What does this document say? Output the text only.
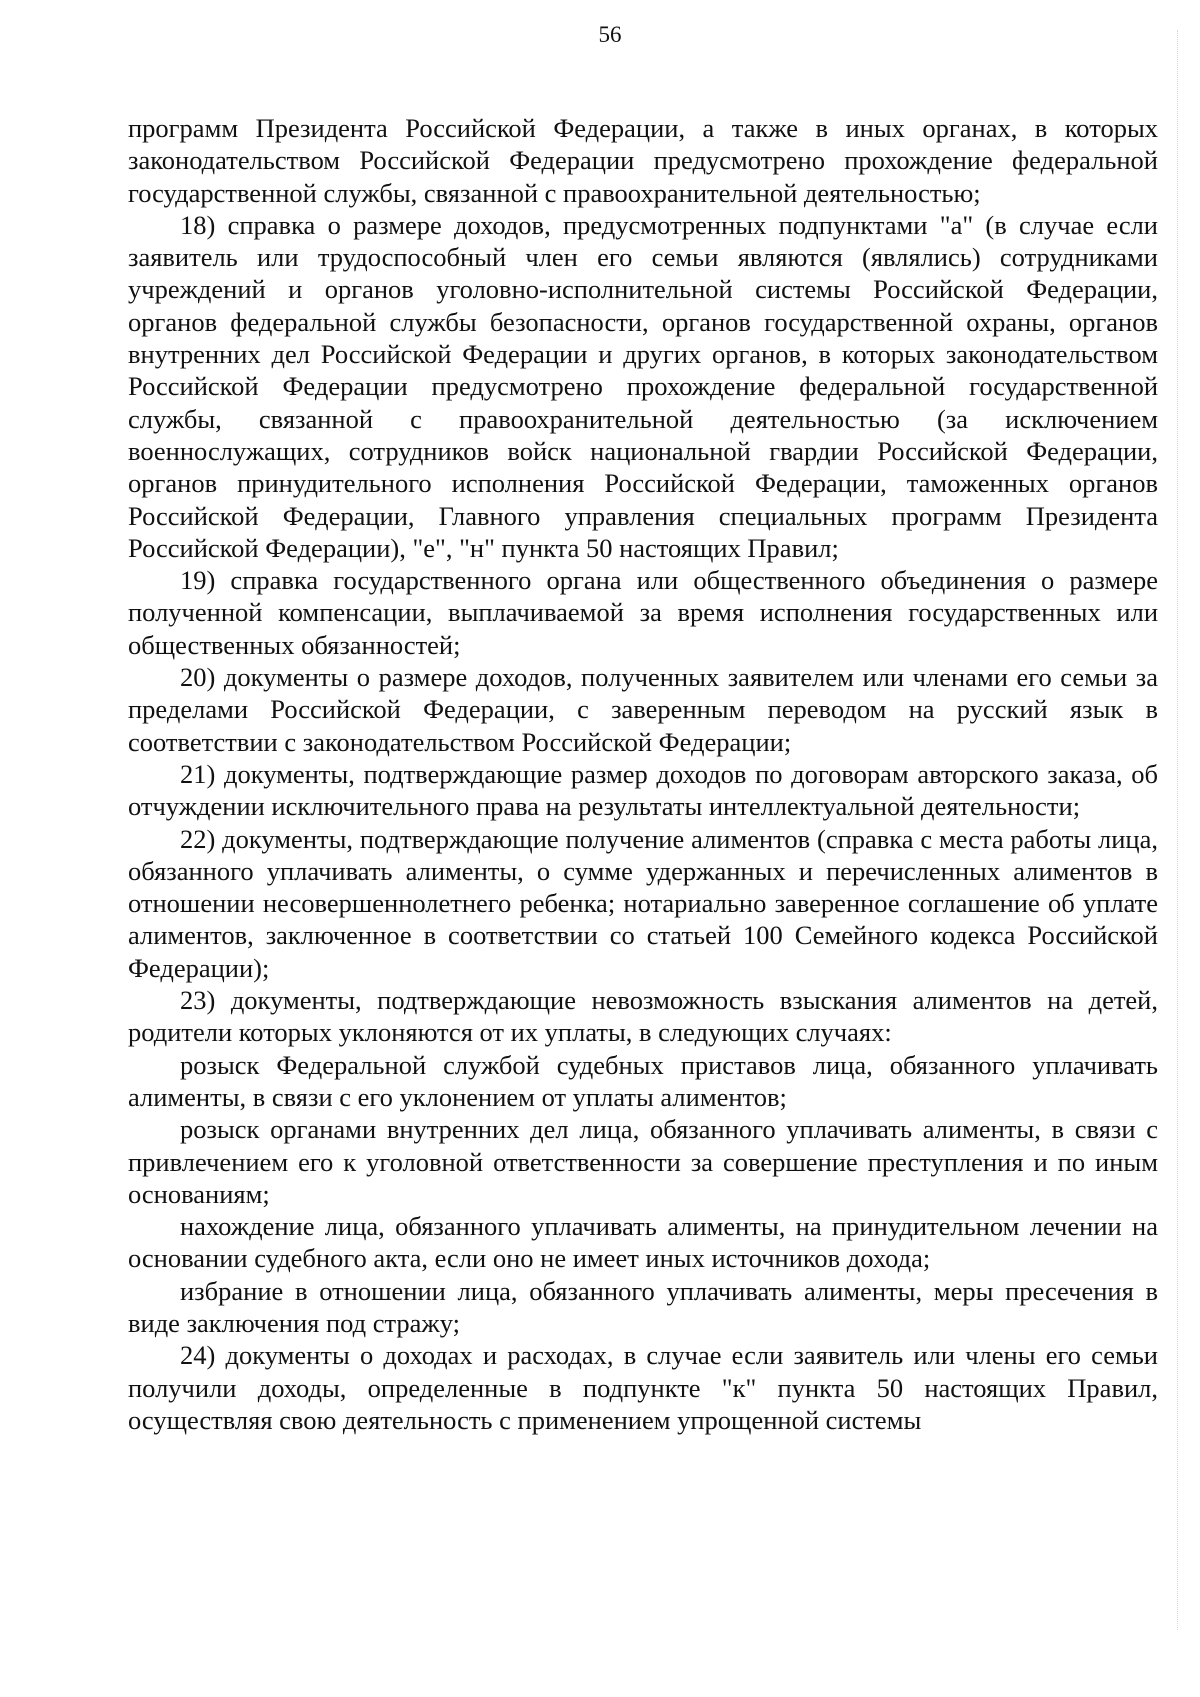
56

программ Президента Российской Федерации, а также в иных органах, в которых законодательством Российской Федерации предусмотрено прохождение федеральной государственной службы, связанной с правоохранительной деятельностью;

18) справка о размере доходов, предусмотренных подпунктами "а" (в случае если заявитель или трудоспособный член его семьи являются (являлись) сотрудниками учреждений и органов уголовно-исполнительной системы Российской Федерации, органов федеральной службы безопасности, органов государственной охраны, органов внутренних дел Российской Федерации и других органов, в которых законодательством Российской Федерации предусмотрено прохождение федеральной государственной службы, связанной с правоохранительной деятельностью (за исключением военнослужащих, сотрудников войск национальной гвардии Российской Федерации, органов принудительного исполнения Российской Федерации, таможенных органов Российской Федерации, Главного управления специальных программ Президента Российской Федерации), "е", "н" пункта 50 настоящих Правил;

19) справка государственного органа или общественного объединения о размере полученной компенсации, выплачиваемой за время исполнения государственных или общественных обязанностей;

20) документы о размере доходов, полученных заявителем или членами его семьи за пределами Российской Федерации, с заверенным переводом на русский язык в соответствии с законодательством Российской Федерации;

21) документы, подтверждающие размер доходов по договорам авторского заказа, об отчуждении исключительного права на результаты интеллектуальной деятельности;

22) документы, подтверждающие получение алиментов (справка с места работы лица, обязанного уплачивать алименты, о сумме удержанных и перечисленных алиментов в отношении несовершеннолетнего ребенка; нотариально заверенное соглашение об уплате алиментов, заключенное в соответствии со статьей 100 Семейного кодекса Российской Федерации);

23) документы, подтверждающие невозможность взыскания алиментов на детей, родители которых уклоняются от их уплаты, в следующих случаях:

розыск Федеральной службой судебных приставов лица, обязанного уплачивать алименты, в связи с его уклонением от уплаты алиментов;

розыск органами внутренних дел лица, обязанного уплачивать алименты, в связи с привлечением его к уголовной ответственности за совершение преступления и по иным основаниям;

нахождение лица, обязанного уплачивать алименты, на принудительном лечении на основании судебного акта, если оно не имеет иных источников дохода;

избрание в отношении лица, обязанного уплачивать алименты, меры пресечения в виде заключения под стражу;

24) документы о доходах и расходах, в случае если заявитель или члены его семьи получили доходы, определенные в подпункте "к" пункта 50 настоящих Правил, осуществляя свою деятельность с применением упрощенной системы
